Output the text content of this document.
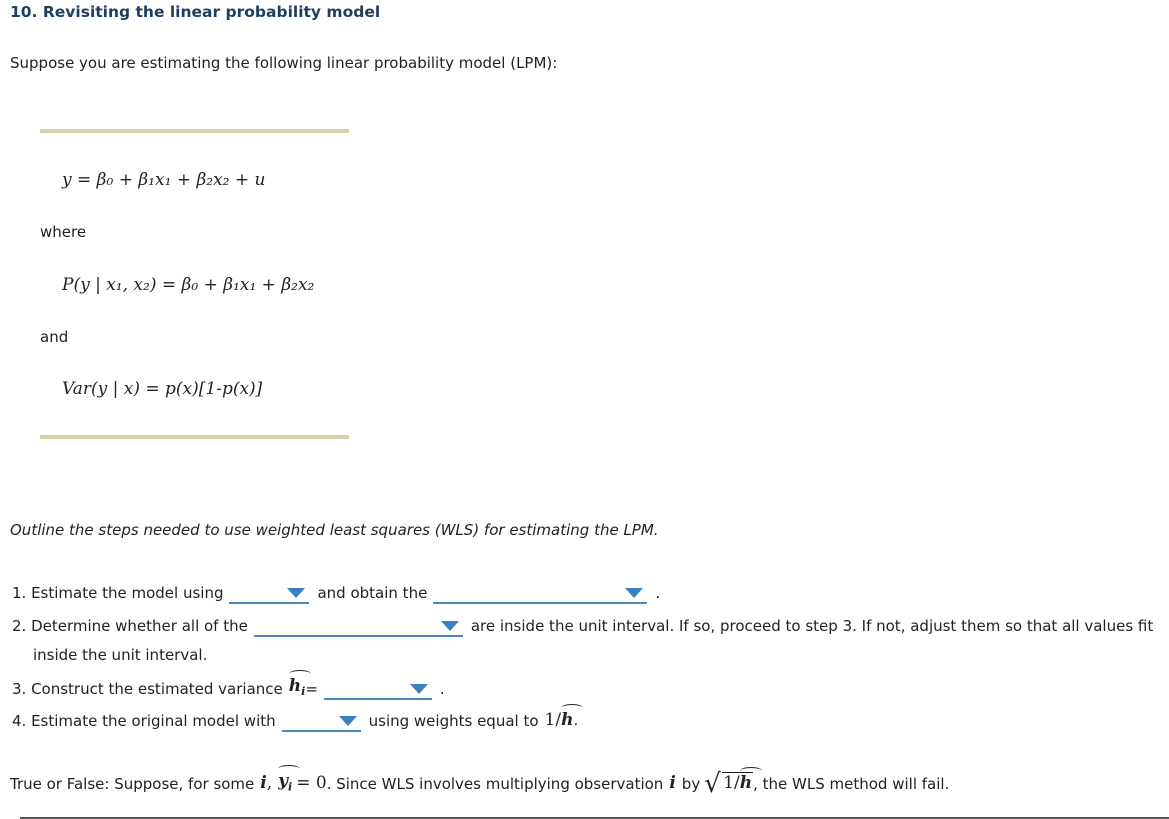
10. Revisiting the linear probability model
Suppose you are estimating the following linear probability model (LPM):
y = β₀ + β₁x₁ + β₂x₂ + u
where
P(y | x₁, x₂) = β₀ + β₁x₁ + β₂x₂
and
Var(y | x) = p(x)[1-p(x)]
Outline the steps needed to use weighted least squares (WLS) for estimating the LPM.
1. Estimate the model using	and obtain the	.
2. Determine whether all of the	are inside the unit interval. If so, proceed to step 3. If not, adjust them so that all values fit
inside the unit interval.
3. Construct the estimated variance $h_i$ =	.
4. Estimate the original model with	using weights equal to 1/h.
True or False: Suppose, for some i , $y_i = 0$ . Since WLS involves multiplying observation i by √ 1/h , the WLS method will fail.
